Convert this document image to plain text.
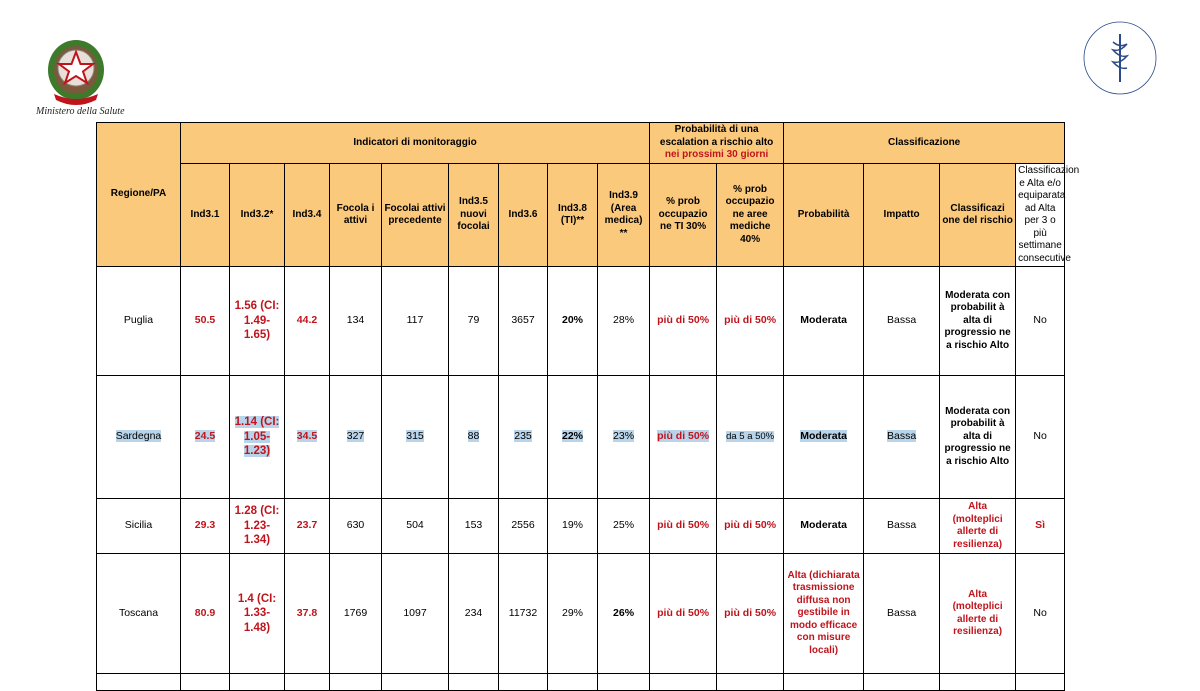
Ministero della Salute
Regione/PA	Indicatori di monitoraggio									Probabilità di una escalation a rischio alto nei prossimi 30 giorni		Classificazione			
	Ind3.1	Ind3.2*	Ind3.4	Focola i attivi	Focolai attivi precedente	Ind3.5 nuovi focolai	Ind3.6	Ind3.8 (TI)**	Ind3.9 (Area medica) **	% prob occupazio ne TI 30%	% prob occupazio ne aree mediche 40%	Probabilità	Impatto	Classificazi one del rischio	Classificazion e Alta e/o equiparata ad Alta per 3 o più settimane consecutive
Puglia	50.5	1.56 (CI: 1.49- 1.65)	44.2	134	117	79	3657	20%	28%	più di 50%	più di 50%	Moderata	Bassa	Moderata con probabilit à alta di progressio ne a rischio Alto	No
Sardegna	24.5	1.14 (CI: 1.05- 1.23)	34.5	327	315	88	235	22%	23%	più di 50%	da 5 a 50%	Moderata	Bassa	Moderata con probabilit à alta di progressio ne a rischio Alto	No
Sicilia	29.3	1.28 (CI: 1.23- 1.34)	23.7	630	504	153	2556	19%	25%	più di 50%	più di 50%	Moderata	Bassa	Alta (molteplici allerte di resilienza)	Sì
Toscana	80.9	1.4 (CI: 1.33- 1.48)	37.8	1769	1097	234	11732	29%	26%	più di 50%	più di 50%	Alta (dichiarata trasmissione diffusa non gestibile in modo efficace con misure locali)	Bassa	Alta (molteplici allerte di resilienza)	No
